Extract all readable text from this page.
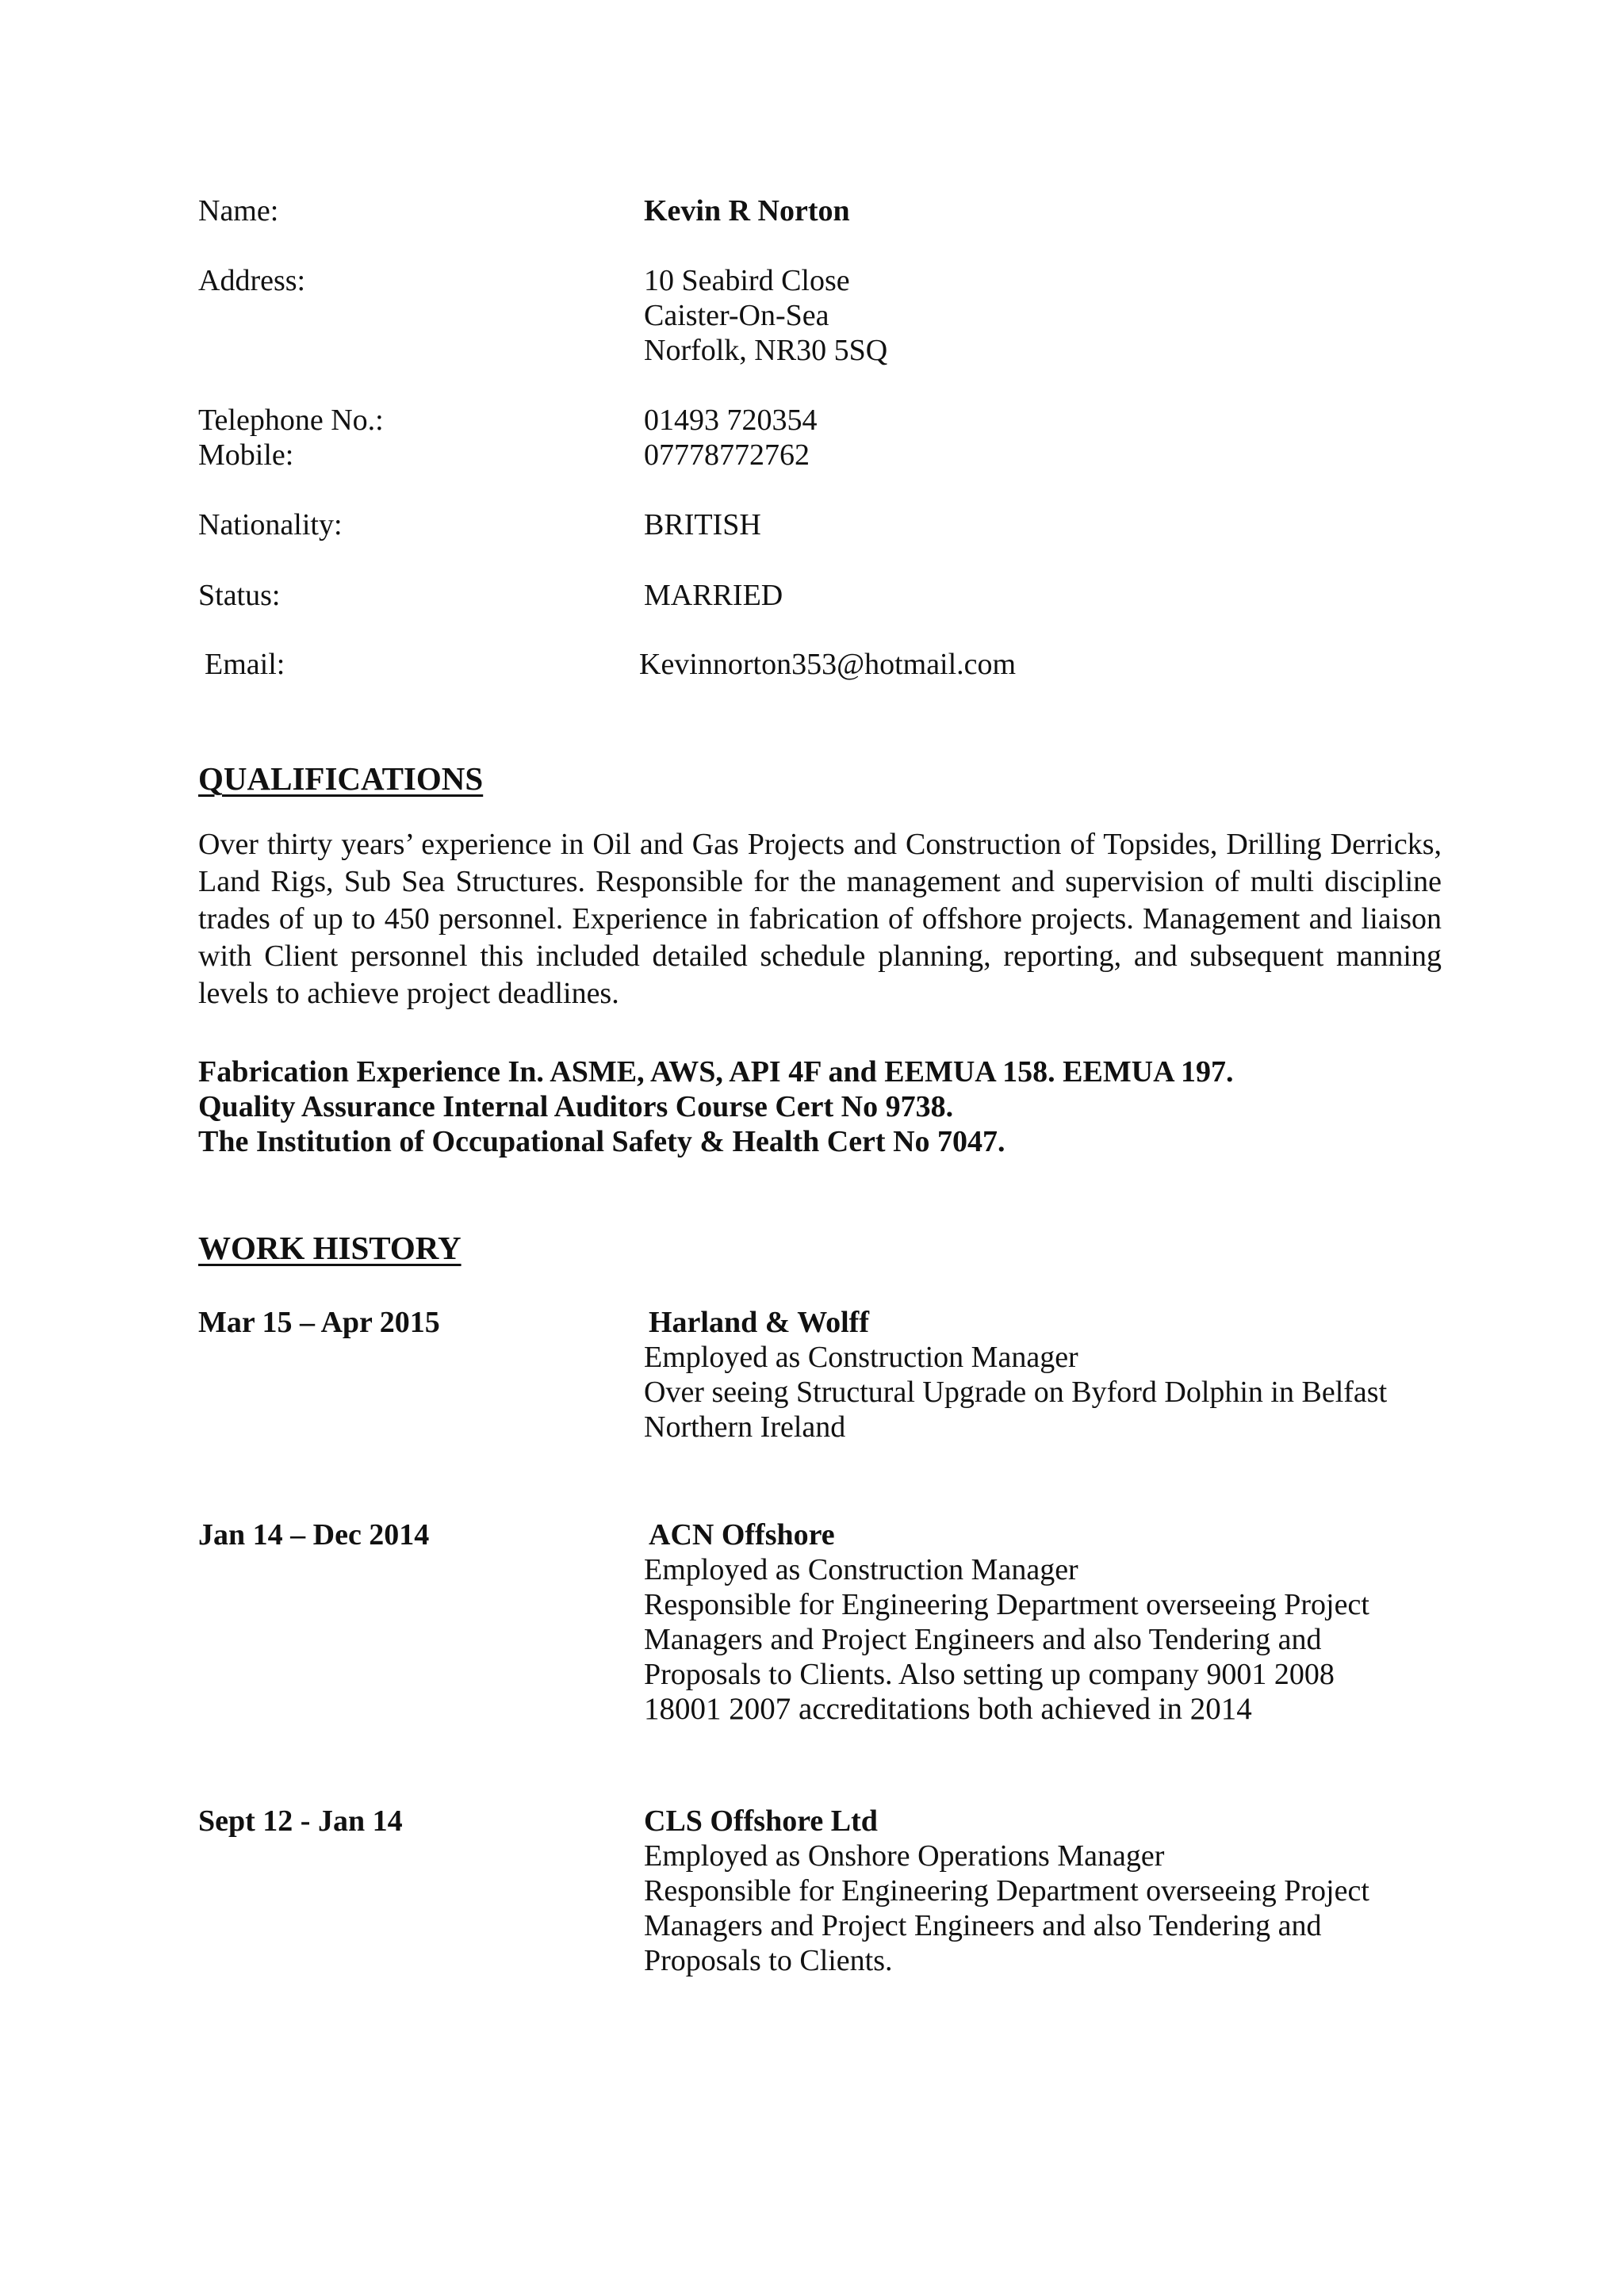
Name:	Kevin R Norton

Address:	10 Seabird Close

Caister-On-Sea

Norfolk, NR30 5SQ

Telephone No.:	01493 720354

Mobile:	07778772762

Nationality:	BRITISH

Status:	MARRIED

Email:	Kevinnorton353@hotmail.com

QUALIFICATIONS

Over thirty years’ experience in Oil and Gas Projects and Construction of Topsides, Drilling Derricks, Land Rigs, Sub Sea Structures. Responsible for the management and supervision of multi discipline trades of up to 450 personnel. Experience in fabrication of offshore projects. Management and liaison with Client personnel this included detailed schedule planning, reporting, and subsequent manning levels to achieve project deadlines.

Fabrication Experience In. ASME, AWS, API 4F and EEMUA 158. EEMUA 197.

Quality Assurance Internal Auditors Course Cert No 9738.

The Institution of Occupational Safety & Health Cert No 7047.

WORK HISTORY

Mar 15 – Apr 2015	Harland & Wolff

Employed as Construction Manager

Over seeing Structural Upgrade on Byford Dolphin in Belfast

Northern Ireland

Jan 14 – Dec 2014	ACN Offshore

Employed as Construction Manager

Responsible for Engineering Department overseeing Project

Managers and Project Engineers and also Tendering and

Proposals to Clients. Also setting up company 9001 2008

18001 2007 accreditations both achieved in 2014

Sept 12 - Jan 14	CLS Offshore Ltd

Employed as Onshore Operations Manager

Responsible for Engineering Department overseeing Project

Managers and Project Engineers and also Tendering and

Proposals to Clients.
